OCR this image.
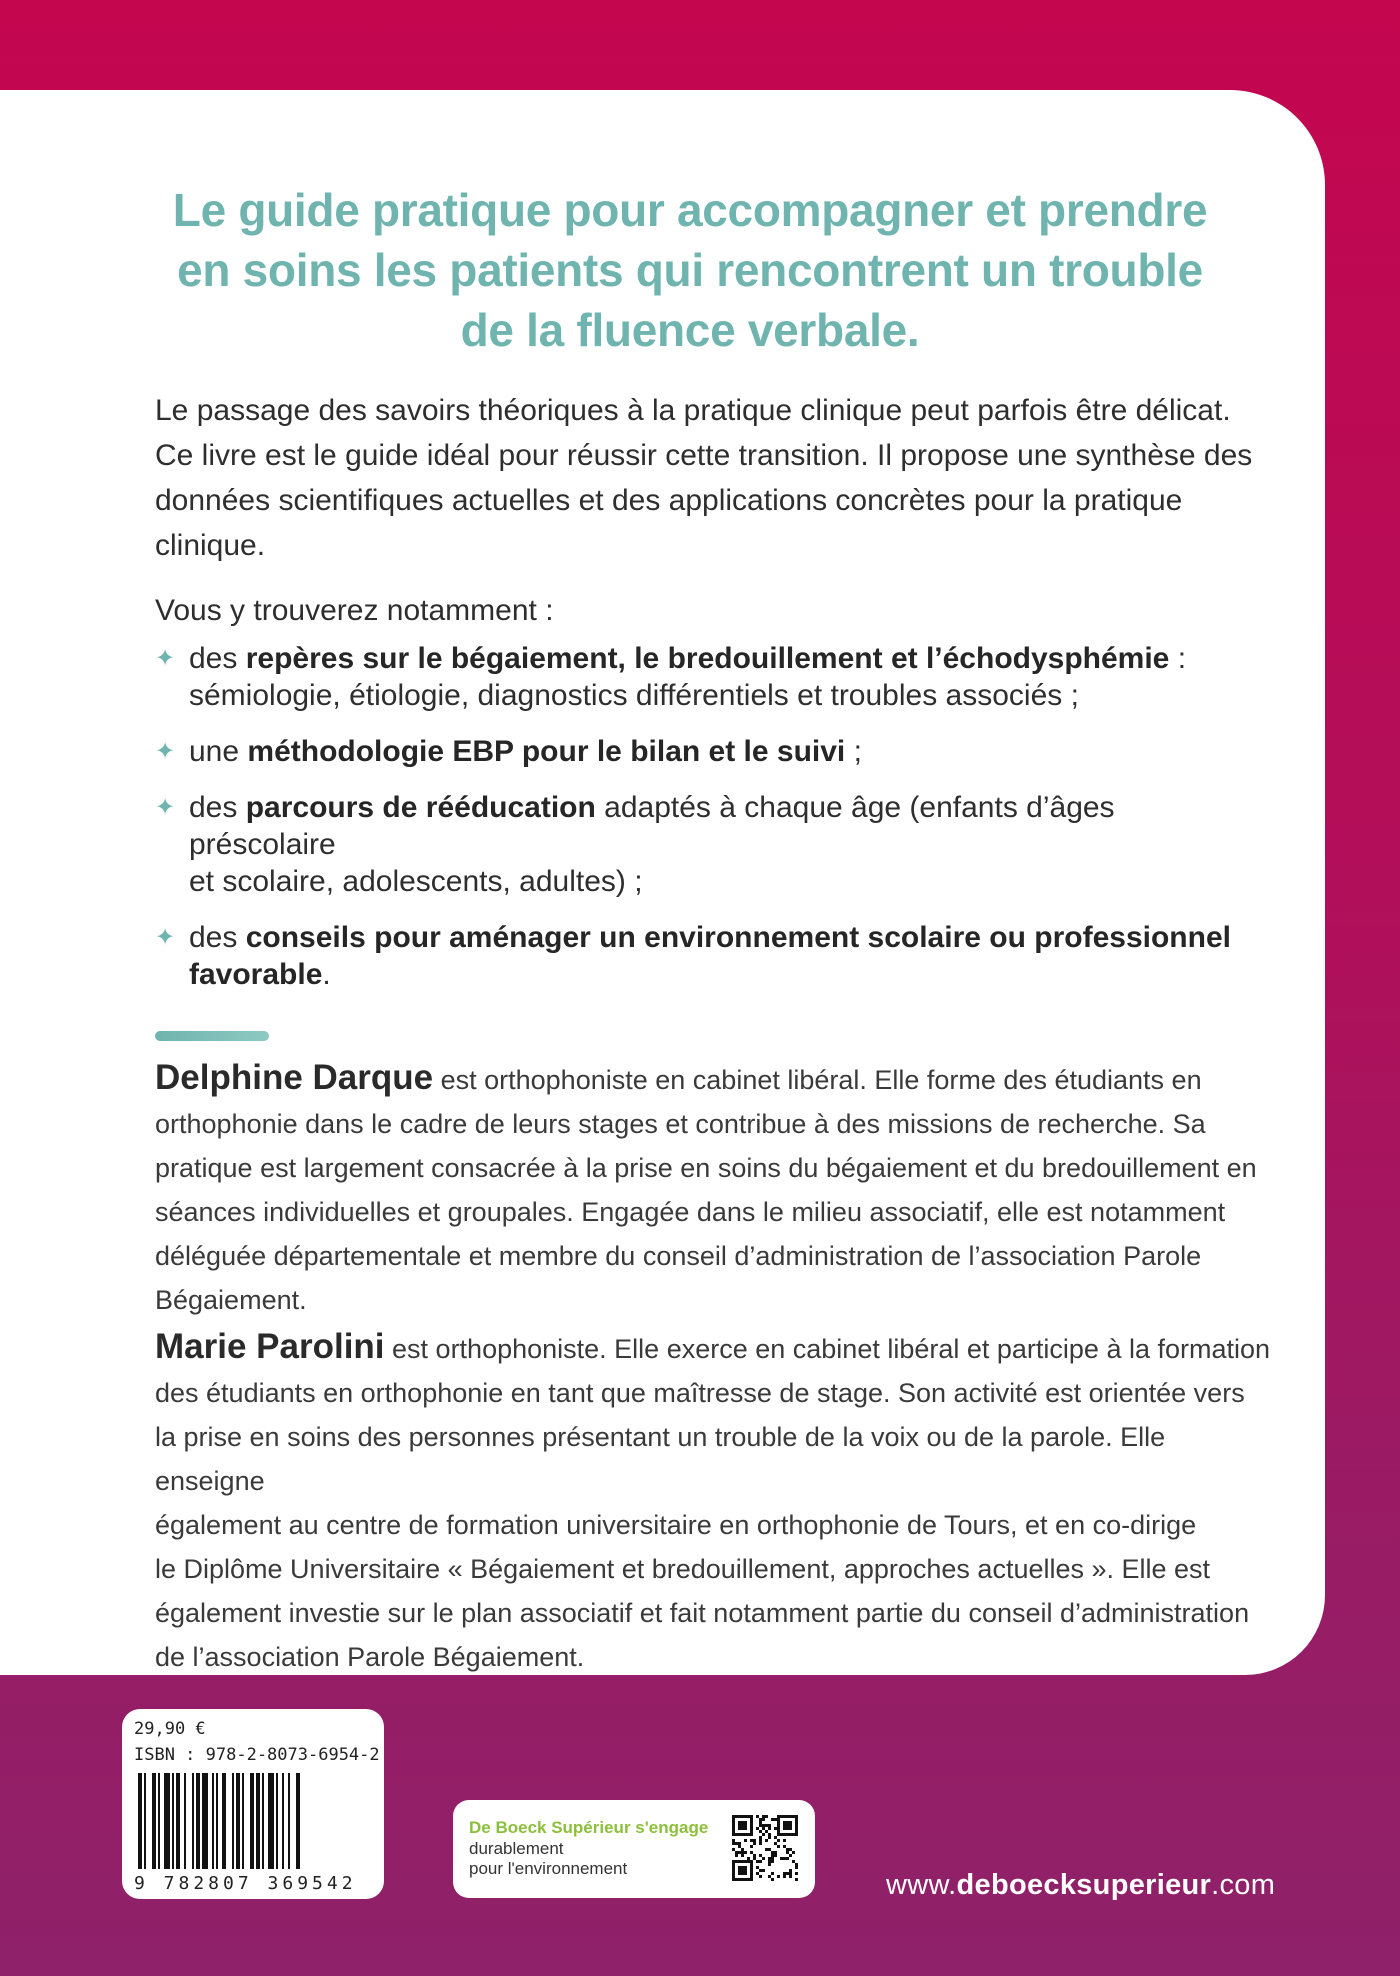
Le guide pratique pour accompagner et prendre
en soins les patients qui rencontrent un trouble
de la fluence verbale.
Le passage des savoirs théoriques à la pratique clinique peut parfois être délicat.
Ce livre est le guide idéal pour réussir cette transition. Il propose une synthèse des
données scientifiques actuelles et des applications concrètes pour la pratique
clinique.
Vous y trouverez notamment :
✦ des repères sur le bégaiement, le bredouillement et l’échodysphémie :
sémiologie, étiologie, diagnostics différentiels et troubles associés ;
✦ une méthodologie EBP pour le bilan et le suivi ;
✦ des parcours de rééducation adaptés à chaque âge (enfants d’âges préscolaire
et scolaire, adolescents, adultes) ;
✦ des conseils pour aménager un environnement scolaire ou professionnel
favorable.
Delphine Darque est orthophoniste en cabinet libéral. Elle forme des étudiants en
orthophonie dans le cadre de leurs stages et contribue à des missions de recherche. Sa
pratique est largement consacrée à la prise en soins du bégaiement et du bredouillement en
séances individuelles et groupales. Engagée dans le milieu associatif, elle est notamment
déléguée départementale et membre du conseil d’administration de l’association Parole
Bégaiement.
Marie Parolini est orthophoniste. Elle exerce en cabinet libéral et participe à la formation
des étudiants en orthophonie en tant que maîtresse de stage. Son activité est orientée vers
la prise en soins des personnes présentant un trouble de la voix ou de la parole. Elle enseigne
également au centre de formation universitaire en orthophonie de Tours, et en co-dirige
le Diplôme Universitaire « Bégaiement et bredouillement, approches actuelles ». Elle est
également investie sur le plan associatif et fait notamment partie du conseil d’administration
de l’association Parole Bégaiement.
29,90 €
ISBN : 978-2-8073-6954-2
9 782807 369542
De Boeck Supérieur s'engage
durablement
pour l'environnement
www.deboecksuperieur.com
